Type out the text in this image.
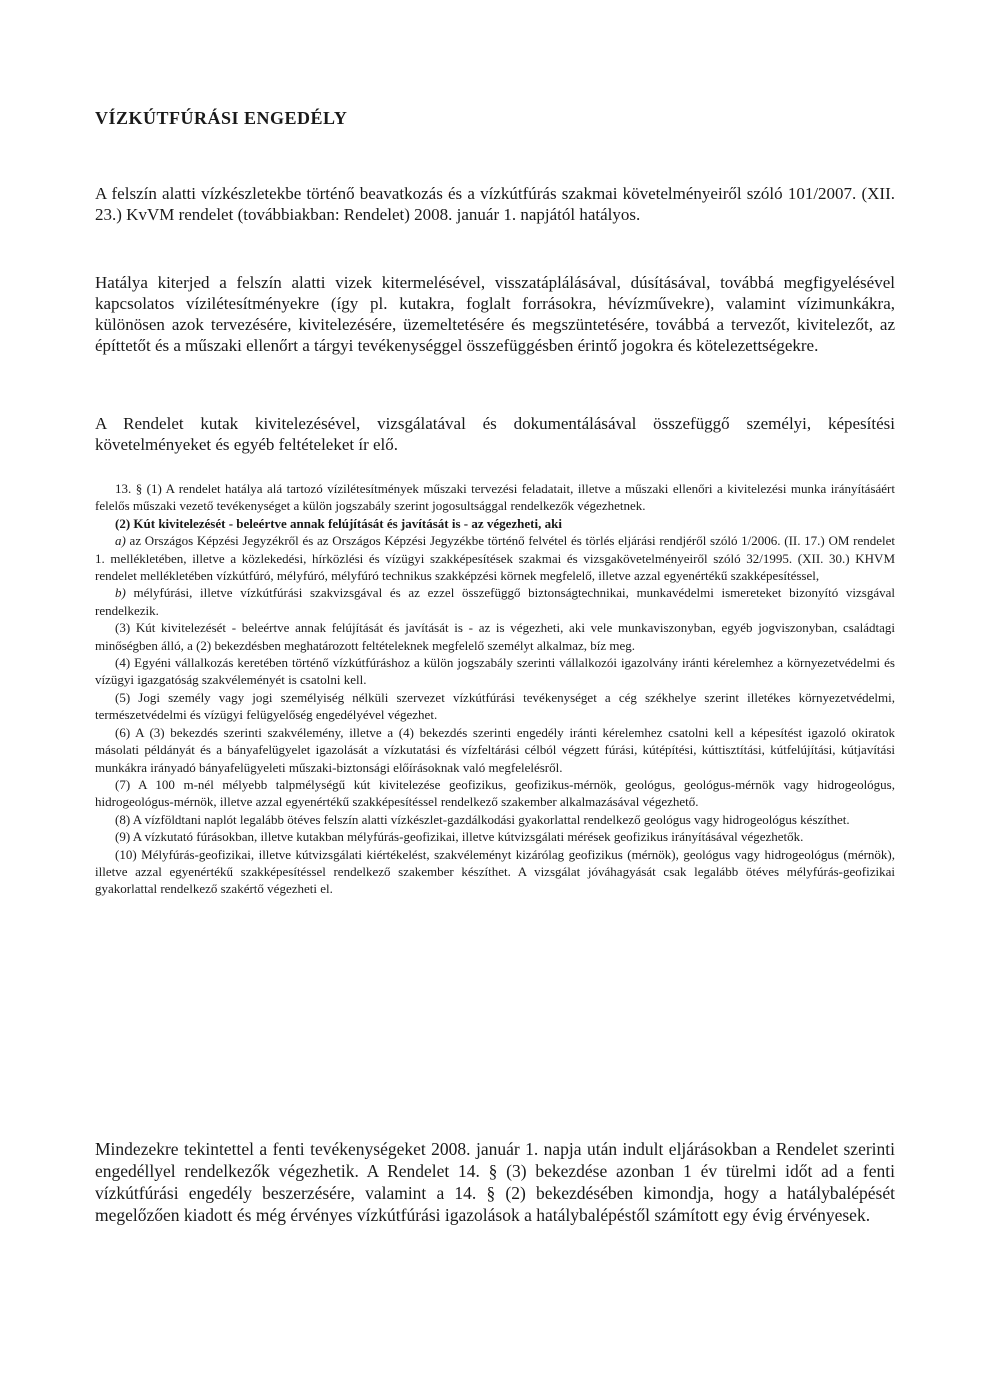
VÍZKÚTFÚRÁSI ENGEDÉLY

A felszín alatti vízkészletekbe történő beavatkozás és a vízkútfúrás szakmai követelményeiről szóló 101/2007. (XII. 23.) KvVM rendelet (továbbiakban: Rendelet) 2008. január 1. napjától hatályos.

Hatálya kiterjed a felszín alatti vizek kitermelésével, visszatáplálásával, dúsításával, továbbá megfigyelésével kapcsolatos vízilétesítményekre (így pl. kutakra, foglalt forrásokra, hévízművekre), valamint vízimunkákra, különösen azok tervezésére, kivitelezésére, üzemeltetésére és megszüntetésére, továbbá a tervezőt, kivitelezőt, az építtetőt és a műszaki ellenőrt a tárgyi tevékenységgel összefüggésben érintő jogokra és kötelezettségekre.

A Rendelet kutak kivitelezésével, vizsgálatával és dokumentálásával összefüggő személyi, képesítési követelményeket és egyéb feltételeket ír elő.

13. § (1) A rendelet hatálya alá tartozó vízilétesítmények műszaki tervezési feladatait, illetve a műszaki ellenőri a kivitelezési munka irányításáért felelős műszaki vezető tevékenységet a külön jogszabály szerint jogosultsággal rendelkezők végezhetnek.

(2) Kút kivitelezését - beleértve annak felújítását és javítását is - az végezheti, aki

a) az Országos Képzési Jegyzékről és az Országos Képzési Jegyzékbe történő felvétel és törlés eljárási rendjéről szóló 1/2006. (II. 17.) OM rendelet 1. mellékletében, illetve a közlekedési, hírközlési és vízügyi szakképesítések szakmai és vizsgakövetelményeiről szóló 32/1995. (XII. 30.) KHVM rendelet mellékletében vízkútfúró, mélyfúró, mélyfúró technikus szakképzési körnek megfelelő, illetve azzal egyenértékű szakképesítéssel,

b) mélyfúrási, illetve vízkútfúrási szakvizsgával és az ezzel összefüggő biztonságtechnikai, munkavédelmi ismereteket bizonyító vizsgával rendelkezik.

(3) Kút kivitelezését - beleértve annak felújítását és javítását is - az is végezheti, aki vele munkaviszonyban, egyéb jogviszonyban, családtagi minőségben álló, a (2) bekezdésben meghatározott feltételeknek megfelelő személyt alkalmaz, bíz meg.

(4) Egyéni vállalkozás keretében történő vízkútfúráshoz a külön jogszabály szerinti vállalkozói igazolvány iránti kérelemhez a környezetvédelmi és vízügyi igazgatóság szakvéleményét is csatolni kell.

(5) Jogi személy vagy jogi személyiség nélküli szervezet vízkútfúrási tevékenységet a cég székhelye szerint illetékes környezetvédelmi, természetvédelmi és vízügyi felügyelőség engedélyével végezhet.

(6) A (3) bekezdés szerinti szakvélemény, illetve a (4) bekezdés szerinti engedély iránti kérelemhez csatolni kell a képesítést igazoló okiratok másolati példányát és a bányafelügyelet igazolását a vízkutatási és vízfeltárási célból végzett fúrási, kútépítési, kúttisztítási, kútfelújítási, kútjavítási munkákra irányadó bányafelügyeleti műszaki-biztonsági előírásoknak való megfelelésről.

(7) A 100 m-nél mélyebb talpmélységű kút kivitelezése geofizikus, geofizikus-mérnök, geológus, geológus-mérnök vagy hidrogeológus, hidrogeológus-mérnök, illetve azzal egyenértékű szakképesítéssel rendelkező szakember alkalmazásával végezhető.

(8) A vízföldtani naplót legalább ötéves felszín alatti vízkészlet-gazdálkodási gyakorlattal rendelkező geológus vagy hidrogeológus készíthet.

(9) A vízkutató fúrásokban, illetve kutakban mélyfúrás-geofizikai, illetve kútvizsgálati mérések geofizikus irányításával végezhetők.

(10) Mélyfúrás-geofizikai, illetve kútvizsgálati kiértékelést, szakvéleményt kizárólag geofizikus (mérnök), geológus vagy hidrogeológus (mérnök), illetve azzal egyenértékű szakképesítéssel rendelkező szakember készíthet. A vizsgálat jóváhagyását csak legalább ötéves mélyfúrás-geofizikai gyakorlattal rendelkező szakértő végezheti el.

Mindezekre tekintettel a fenti tevékenységeket 2008. január 1. napja után indult eljárásokban a Rendelet szerinti engedéllyel rendelkezők végezhetik. A Rendelet 14. § (3) bekezdése azonban 1 év türelmi időt ad a fenti vízkútfúrási engedély beszerzésére, valamint a 14. § (2) bekezdésében kimondja, hogy a hatálybalépését megelőzően kiadott és még érvényes vízkútfúrási igazolások a hatálybalépéstől számított egy évig érvényesek.
